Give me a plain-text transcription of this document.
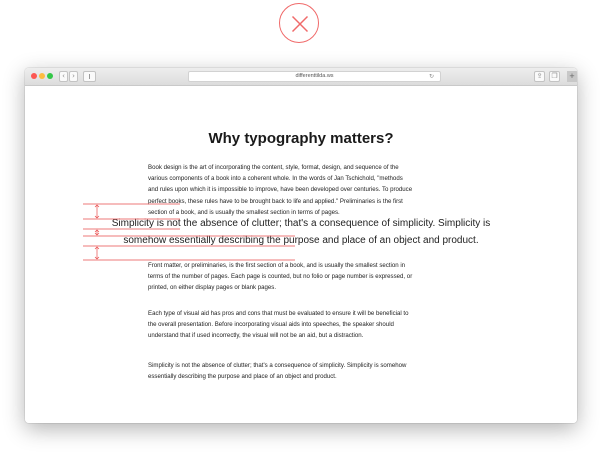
‹	›	differenttilda.ws	↻	⇪	❐ +
Why typography matters?
Book design is the art of incorporating the content, style, format, design, and sequence of the
various components of a book into a coherent whole. In the words of Jan Tschichold, "methods
and rules upon which it is impossible to improve, have been developed over centuries. To produce
perfect books, these rules have to be brought back to life and applied." Preliminaries is the first
section of a book, and is usually the smallest section in terms of pages.

Simplicity is not the absence of clutter; that's a consequence of simplicity. Simplicity is

somehow essentially describing the purpose and place of an object and product.

Front matter, or preliminaries, is the first section of a book, and is usually the smallest section in
terms of the number of pages. Each page is counted, but no folio or page number is expressed, or
printed, on either display pages or blank pages.
Each type of visual aid has pros and cons that must be evaluated to ensure it will be beneficial to
the overall presentation. Before incorporating visual aids into speeches, the speaker should
understand that if used incorrectly, the visual will not be an aid, but a distraction.
Simplicity is not the absence of clutter; that's a consequence of simplicity. Simplicity is somehow
essentially describing the purpose and place of an object and product.
